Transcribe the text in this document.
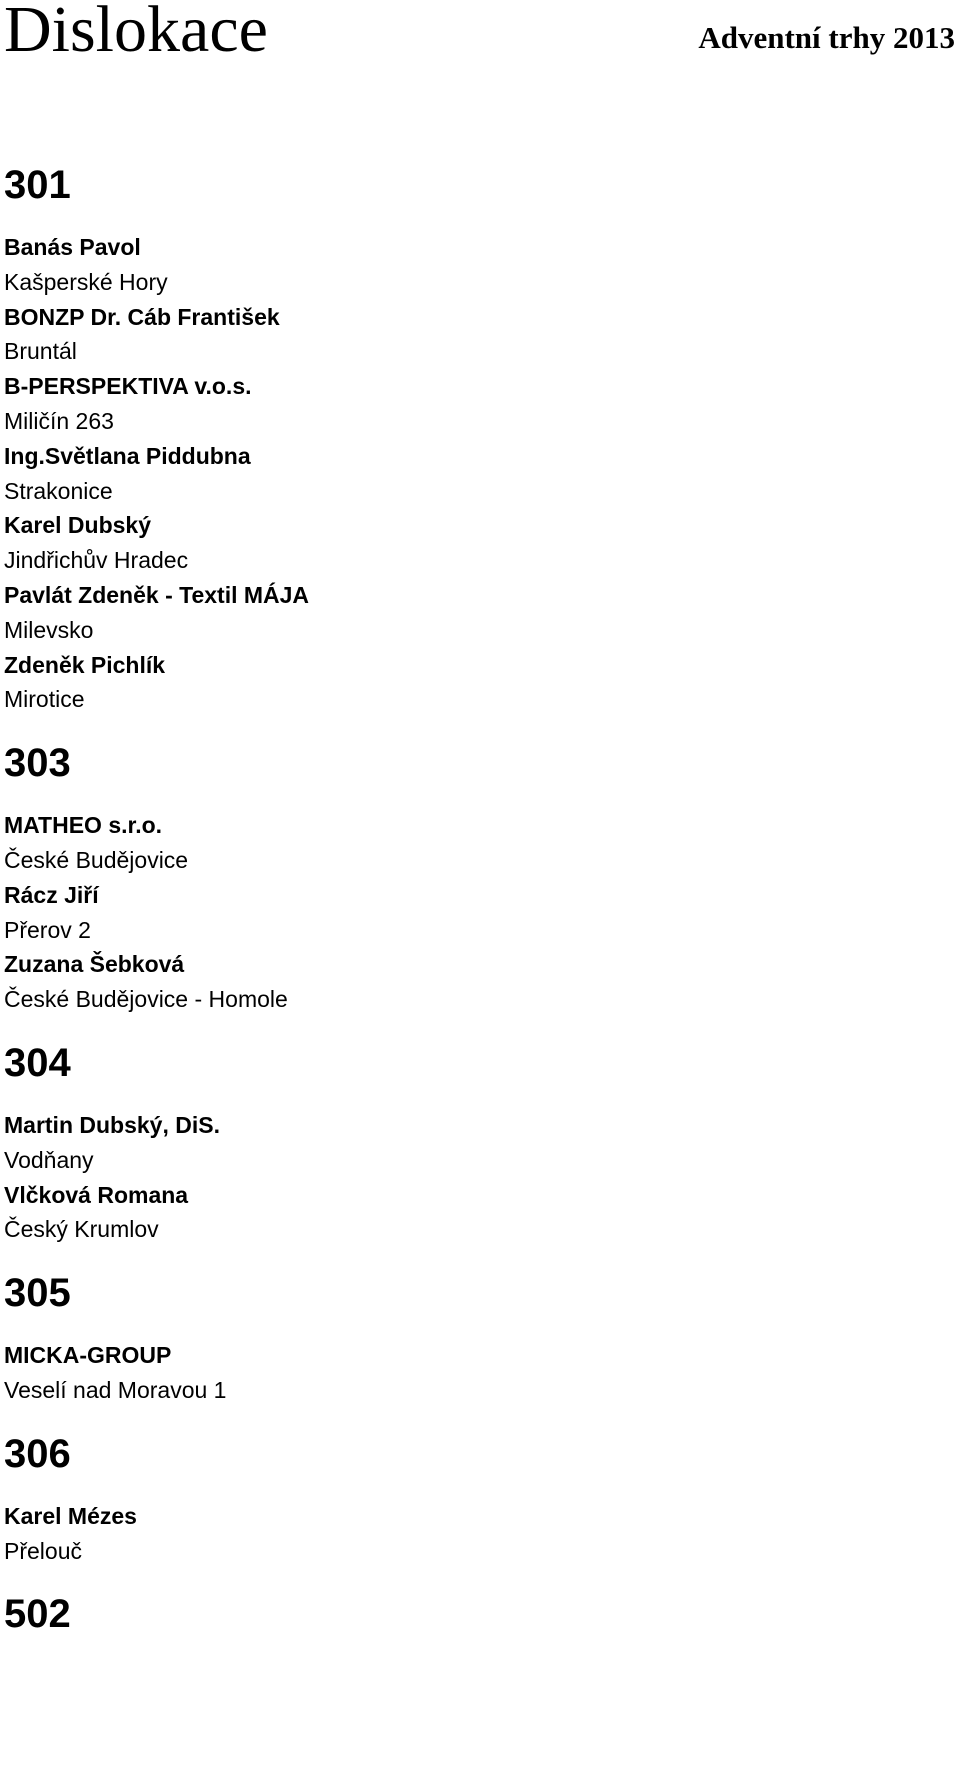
Dislokace	Adventní trhy 2013
301
Banás Pavol
Kašperské Hory
BONZP Dr. Cáb František
Bruntál
B-PERSPEKTIVA v.o.s.
Miličín 263
Ing.Světlana Piddubna
Strakonice
Karel Dubský
Jindřichův Hradec
Pavlát Zdeněk - Textil MÁJA
Milevsko
Zdeněk Pichlík
Mirotice
303
MATHEO s.r.o.
České Budějovice
Rácz Jiří
Přerov 2
Zuzana Šebková
České Budějovice - Homole
304
Martin Dubský, DiS.
Vodňany
Vlčková Romana
Český Krumlov
305
MICKA-GROUP
Veselí nad Moravou 1
306
Karel Mézes
Přelouč
502
